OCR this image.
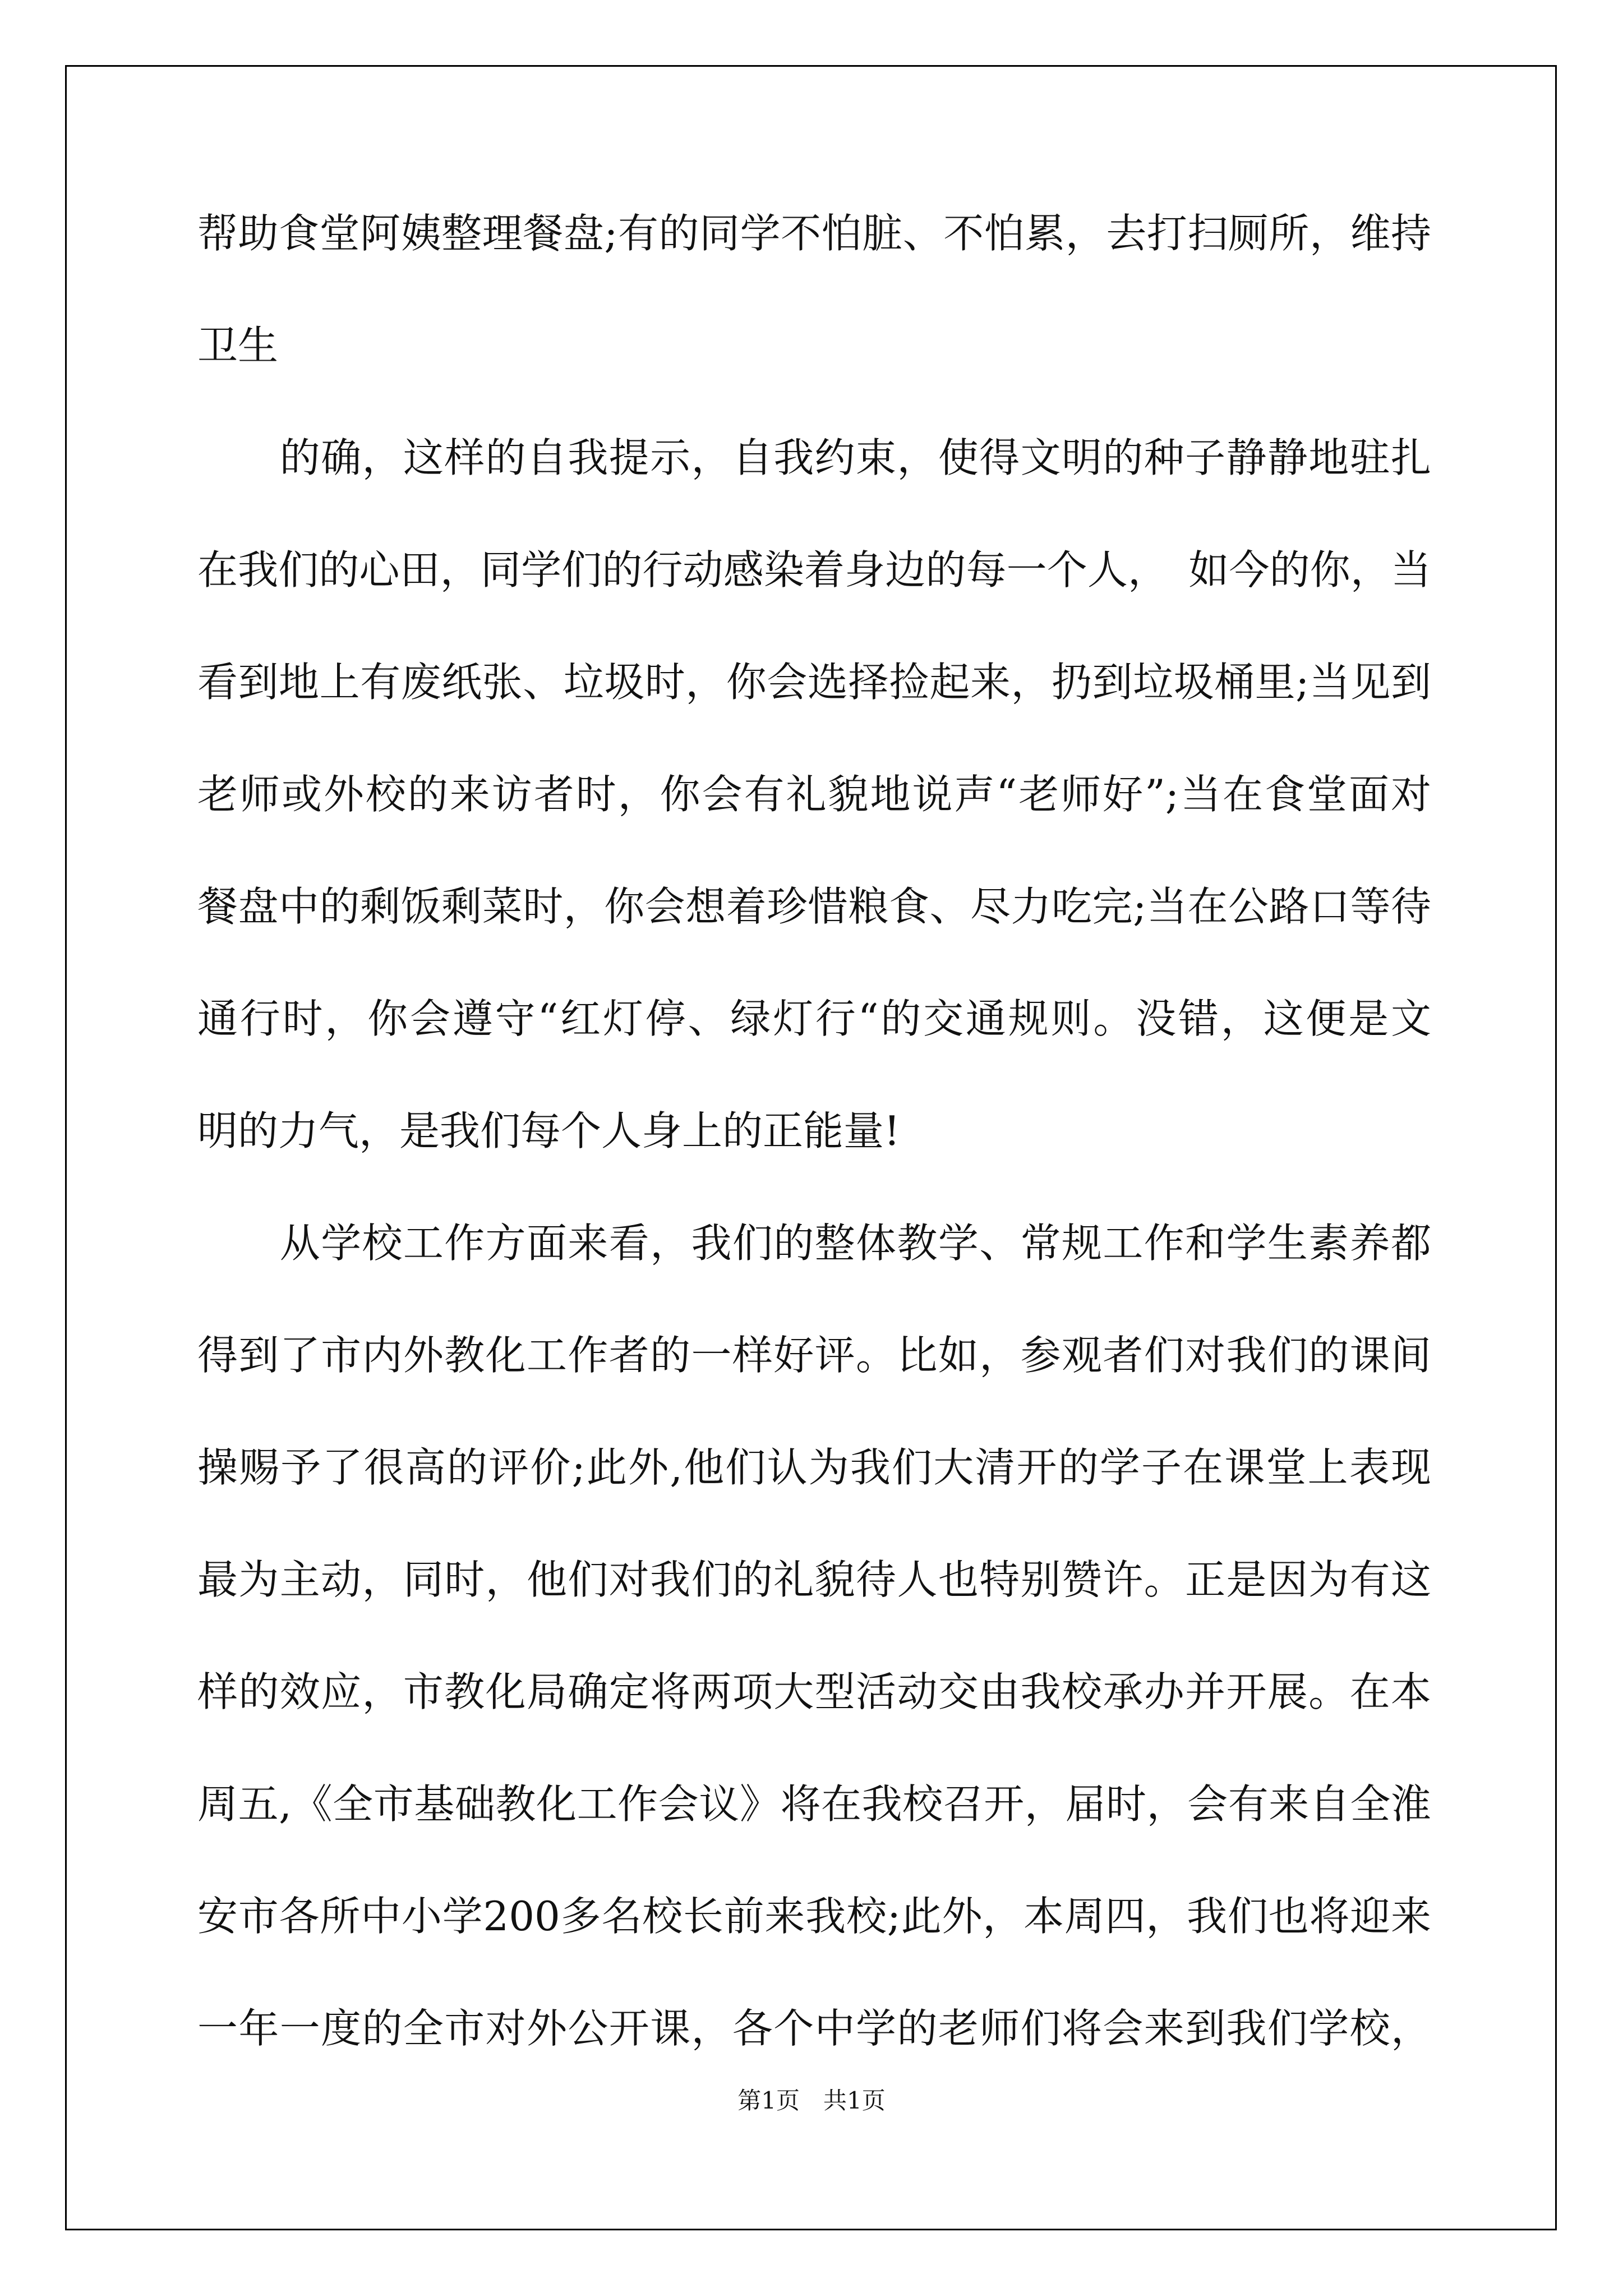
帮助食堂阿姨整理餐盘;有的同学不怕脏、不怕累，去打扫厕所，维持
卫生
　　的确，这样的自我提示，自我约束，使得文明的种子静静地驻扎
在我们的心田，同学们的行动感染着身边的每一个人，　如今的你，当
看到地上有废纸张、垃圾时，你会选择捡起来，扔到垃圾桶里;当见到
老师或外校的来访者时，你会有礼貌地说声“老师好”;当在食堂面对
餐盘中的剩饭剩菜时，你会想着珍惜粮食、尽力吃完;当在公路口等待
通行时，你会遵守“红灯停、绿灯行“的交通规则。没错，这便是文
明的力气，是我们每个人身上的正能量!
　　从学校工作方面来看，我们的整体教学、常规工作和学生素养都
得到了市内外教化工作者的一样好评。比如，参观者们对我们的课间
操赐予了很高的评价;此外,他们认为我们大清开的学子在课堂上表现
最为主动，同时，他们对我们的礼貌待人也特别赞许。正是因为有这
样的效应，市教化局确定将两项大型活动交由我校承办并开展。在本
周五,《全市基础教化工作会议》将在我校召开，届时，会有来自全淮
安市各所中小学200多名校长前来我校;此外，本周四，我们也将迎来
一年一度的全市对外公开课，各个中学的老师们将会来到我们学校，
第1页　共1页
